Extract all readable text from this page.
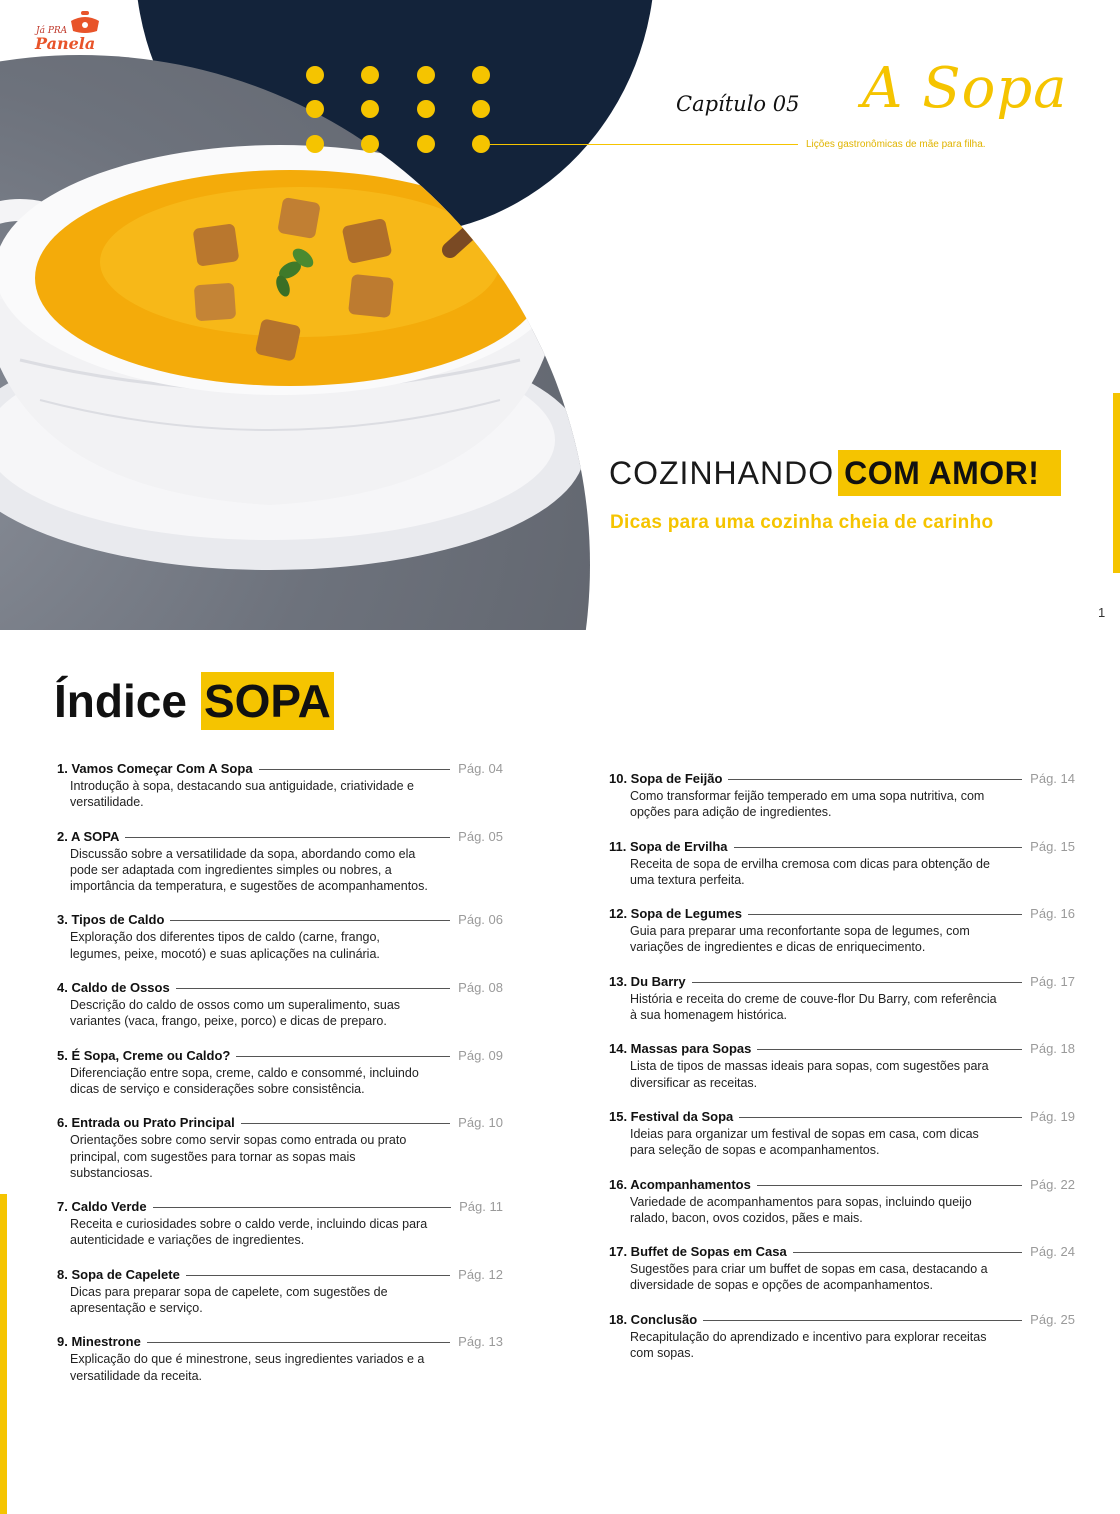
Já PRA
Panela
Capítulo 05 A Sopa
Lições gastronômicas de mãe para filha.
COZINHANDO COM AMOR!
Dicas para uma cozinha cheia de carinho
1
Índice SOPA
1. Vamos Começar Com A Sopa	Pág. 04
Introdução à sopa, destacando sua antiguidade, criatividade e versatilidade.
2. A SOPA	Pág. 05
Discussão sobre a versatilidade da sopa, abordando como ela pode ser adaptada com ingredientes simples ou nobres, a importância da temperatura, e sugestões de acompanhamentos.
3. Tipos de Caldo	Pág. 06
Exploração dos diferentes tipos de caldo (carne, frango, legumes, peixe, mocotó) e suas aplicações na culinária.
4. Caldo de Ossos	Pág. 08
Descrição do caldo de ossos como um superalimento, suas variantes (vaca, frango, peixe, porco) e dicas de preparo.
5. É Sopa, Creme ou Caldo?	Pág. 09
Diferenciação entre sopa, creme, caldo e consommé, incluindo dicas de serviço e considerações sobre consistência.
6. Entrada ou Prato Principal	Pág. 10
Orientações sobre como servir sopas como entrada ou prato principal, com sugestões para tornar as sopas mais substanciosas.
7. Caldo Verde	Pág. 11
Receita e curiosidades sobre o caldo verde, incluindo dicas para autenticidade e variações de ingredientes.
8. Sopa de Capelete	Pág. 12
Dicas para preparar sopa de capelete, com sugestões de apresentação e serviço.
9. Minestrone	Pág. 13
Explicação do que é minestrone, seus ingredientes variados e a versatilidade da receita.
10. Sopa de Feijão	Pág. 14
Como transformar feijão temperado em uma sopa nutritiva, com opções para adição de ingredientes.
11. Sopa de Ervilha	Pág. 15
Receita de sopa de ervilha cremosa com dicas para obtenção de uma textura perfeita.
12. Sopa de Legumes	Pág. 16
Guia para preparar uma reconfortante sopa de legumes, com variações de ingredientes e dicas de enriquecimento.
13. Du Barry	Pág. 17
História e receita do creme de couve-flor Du Barry, com referência à sua homenagem histórica.
14. Massas para Sopas	Pág. 18
Lista de tipos de massas ideais para sopas, com sugestões para diversificar as receitas.
15. Festival da Sopa	Pág. 19
Ideias para organizar um festival de sopas em casa, com dicas para seleção de sopas e acompanhamentos.
16. Acompanhamentos	Pág. 22
Variedade de acompanhamentos para sopas, incluindo queijo ralado, bacon, ovos cozidos, pães e mais.
17. Buffet de Sopas em Casa	Pág. 24
Sugestões para criar um buffet de sopas em casa, destacando a diversidade de sopas e opções de acompanhamentos.
18. Conclusão	Pág. 25
Recapitulação do aprendizado e incentivo para explorar receitas com sopas.
